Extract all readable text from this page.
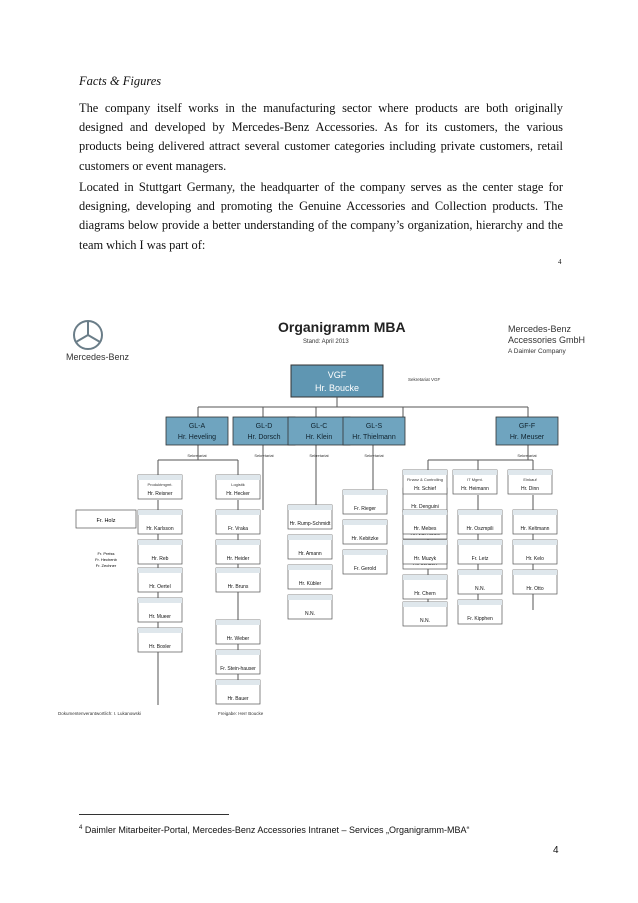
Facts & Figures
The company itself works in the manufacturing sector where products are both originally designed and developed by Mercedes-Benz Accessories. As for its customers, the various products being delivered attract several customer categories including private customers, retail customers or event managers.
Located in Stuttgart Germany, the headquarter of the company serves as the center stage for designing, developing and promoting the Genuine Accessories and Collection products. The diagrams below provide a better understanding of the company’s organization, hierarchy and the team which I was part of:
4
Mercedes-Benz
Organigramm MBA
Stand: April 2013
Mercedes-Benz
Accessories GmbH
A Daimler Company
VGF
Hr. Boucke
Sekretariat VGF
GL-A
Hr. Heveling
Sekretariat
GL-D
Hr. Dorsch
Sekretariat
GL-C
Hr. Klein
Sekretariat
GL-S
Hr. Thielmann
Sekretariat
GF-F
Hr. Meuser
Sekretariat
Produktmgmt.
Hr. Reisner
Logistik
Hr. Hecker
Hr. Karlsson	Fr. Vraka
Hr. Reb	Hr. Heider
Hr. Oertel	Hr. Bruns
Hr. Mueer
Hr. Weber
Hr. Boxler
Fr. Stein-hauser
Hr. Bauer
Hr. Rump-Schmidt
Hr. Amann
Hr. Kübler
N.N.
Fr. Rieger
Hr. Kebitzke
Fr. Gerold
Hr. Denguini
Hr. Chern
N.N.
Finanz & Controlling
Hr. Schief
IT Mgmt.
Hr. Heimann
Einkauf
Hr. Dinn
Hr. Mebes	Hr. Oszmpili	Hr. Keltmann
Hr. Muzyk	Fr. Letz	Hr. Kelo
N.N.	Hr. Otto
Fr. Kipphen
Fr. Holz
Fr. Preiss
Fr. Hechenb
Fr. Zechner
Dokumentenverantwortlich: I. Lukanowski	Freigabe: Herr Boucke
$^4$ Daimler Mitarbeiter-Portal, Mercedes-Benz Accessories Intranet – Services „Organigramm-MBA“
4
